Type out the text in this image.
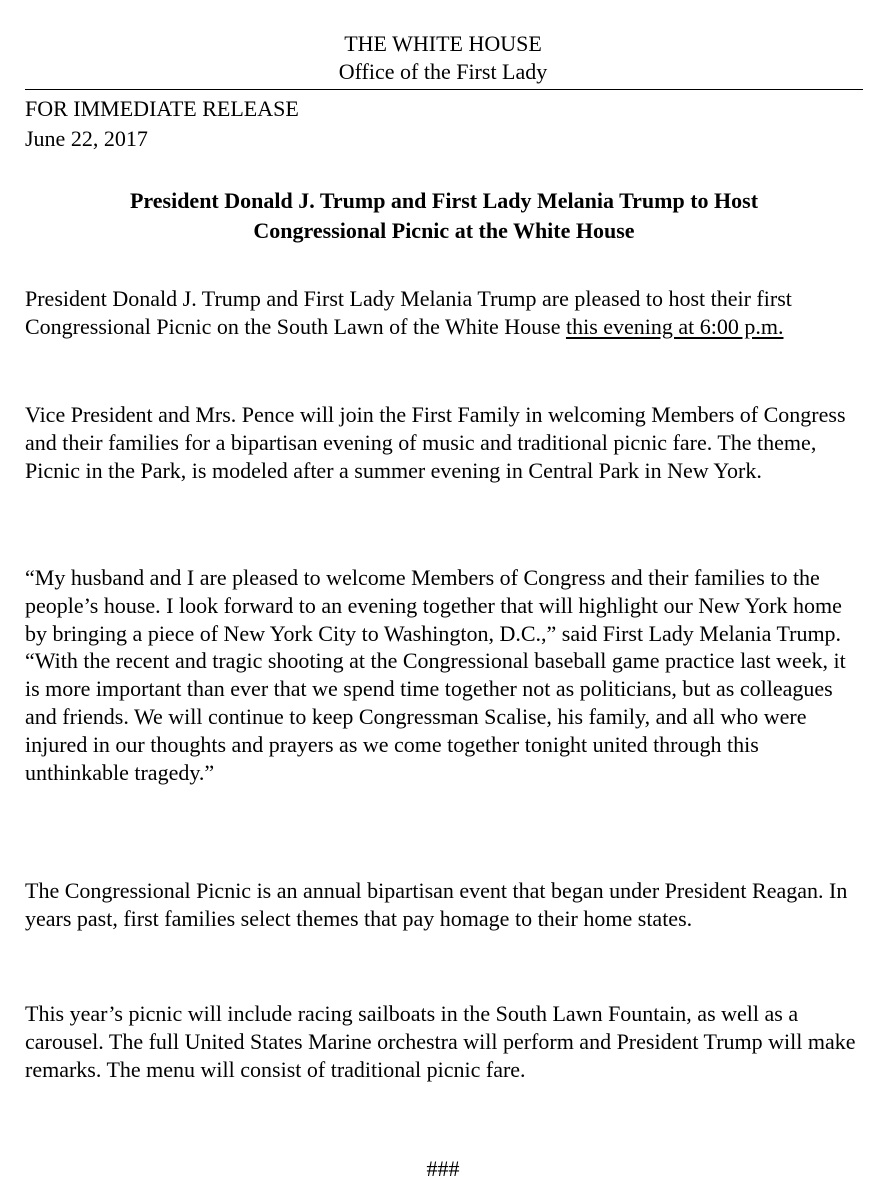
THE WHITE HOUSE
Office of the First Lady
FOR IMMEDIATE RELEASE
June 22, 2017
President Donald J. Trump and First Lady Melania Trump to Host
Congressional Picnic at the White House

President Donald J. Trump and First Lady Melania Trump are pleased to host their first Congressional Picnic on the South Lawn of the White House this evening at 6:00 p.m.

Vice President and Mrs. Pence will join the First Family in welcoming Members of Congress and their families for a bipartisan evening of music and traditional picnic fare. The theme, Picnic in the Park, is modeled after a summer evening in Central Park in New York.

“My husband and I are pleased to welcome Members of Congress and their families to the people’s house. I look forward to an evening together that will highlight our New York home by bringing a piece of New York City to Washington, D.C.,” said First Lady Melania Trump. “With the recent and tragic shooting at the Congressional baseball game practice last week, it is more important than ever that we spend time together not as politicians, but as colleagues and friends. We will continue to keep Congressman Scalise, his family, and all who were injured in our thoughts and prayers as we come together tonight united through this unthinkable tragedy.”

The Congressional Picnic is an annual bipartisan event that began under President Reagan. In years past, first families select themes that pay homage to their home states.

This year’s picnic will include racing sailboats in the South Lawn Fountain, as well as a carousel. The full United States Marine orchestra will perform and President Trump will make remarks. The menu will consist of traditional picnic fare.

###
